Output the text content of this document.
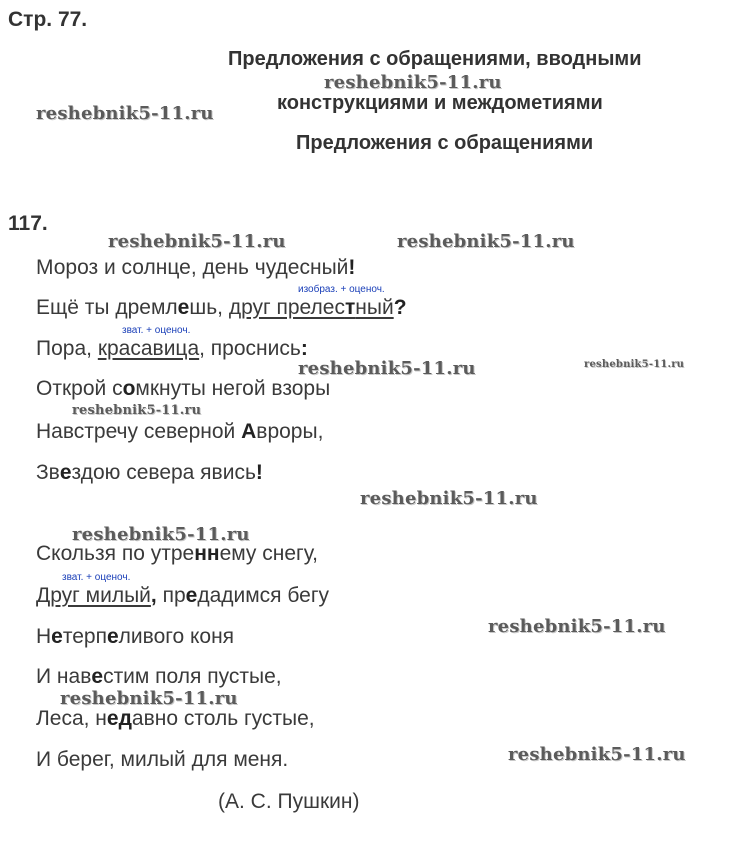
Стр. 77.
Предложения с обращениями, вводными
конструкциями и междометиями
Предложения с обращениями
117.
Мороз и солнце, день чудесный!
изобраз. + оценоч.
Ещё ты дремлешь, друг прелестный?
зват. + оценоч.
Пора, красавица, проснись:
Открой сомкнуты негой взоры
Навстречу северной Авроры,
Звездою севера явись!
Скользя по утреннему снегу,
зват. + оценоч.
Друг милый, предадимся бегу
Нетерпеливого коня
И навестим поля пустые,
Леса, недавно столь густые,
И берег, милый для меня.
(А. С. Пушкин)
reshebnik5-11.ru
reshebnik5-11.ru
reshebnik5-11.ru	reshebnik5-11.ru
reshebnik5-11.ru	reshebnik5-11.ru
reshebnik5-11.ru
reshebnik5-11.ru
reshebnik5-11.ru
reshebnik5-11.ru
reshebnik5-11.ru
reshebnik5-11.ru
